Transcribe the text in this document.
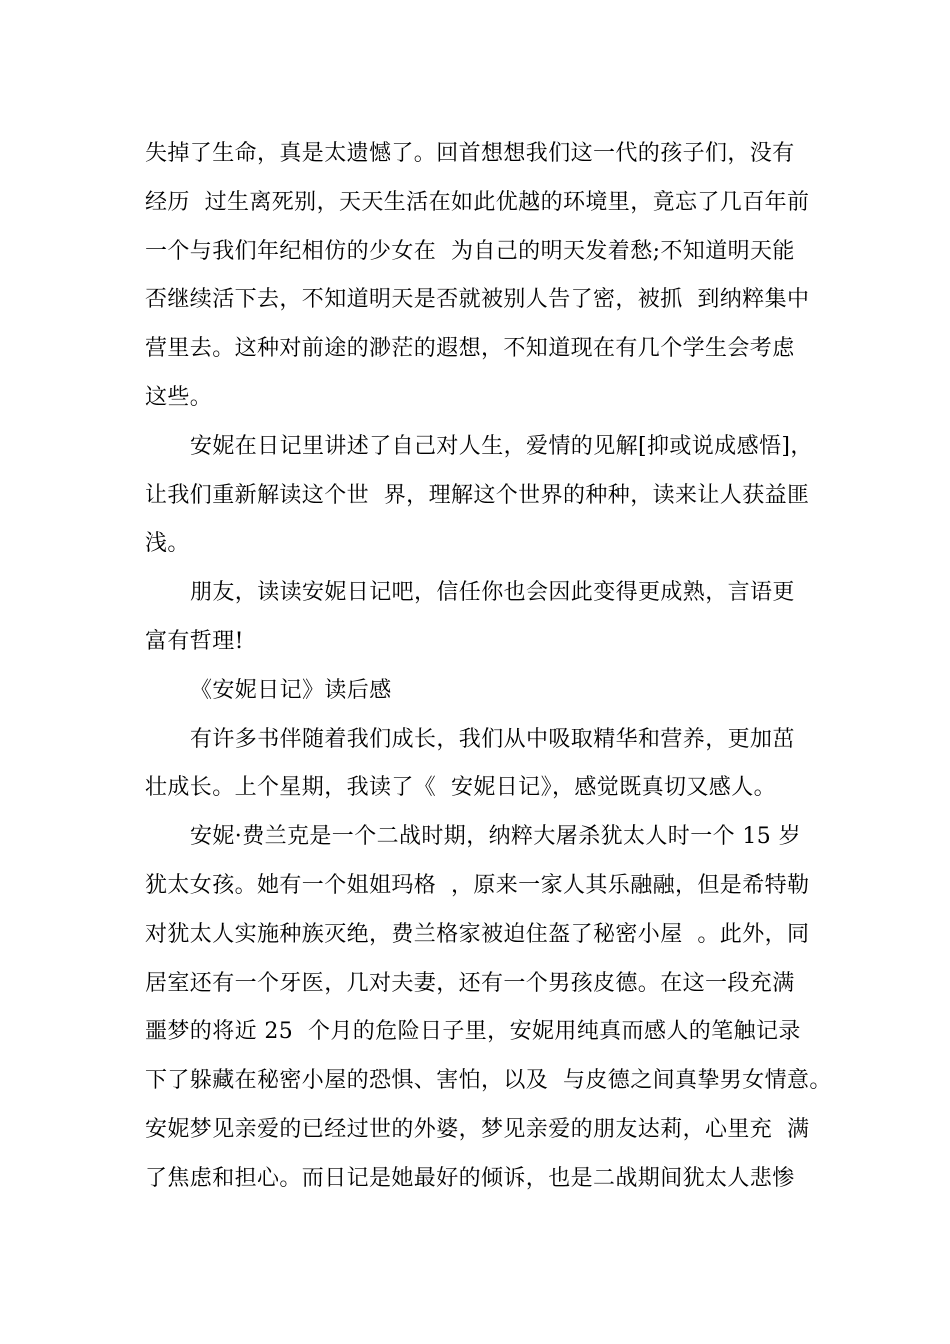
失掉了生命，真是太遗憾了。回首想想我们这一代的孩子们，没有
经历  过生离死别，天天生活在如此优越的环境里，竟忘了几百年前
一个与我们年纪相仿的少女在  为自己的明天发着愁;不知道明天能
否继续活下去，不知道明天是否就被别人告了密，被抓  到纳粹集中
营里去。这种对前途的渺茫的遐想，不知道现在有几个学生会考虑
这些。
安妮在日记里讲述了自己对人生，爱情的见解[抑或说成感悟]，
让我们重新解读这个世  界，理解这个世界的种种，读来让人获益匪
浅。
朋友，读读安妮日记吧，信任你也会因此变得更成熟，言语更
富有哲理!
《安妮日记》读后感
有许多书伴随着我们成长，我们从中吸取精华和营养，更加茁
壮成长。上个星期，我读了《  安妮日记》，感觉既真切又感人。
安妮·费兰克是一个二战时期，纳粹大屠杀犹太人时一个 15 岁
犹太女孩。她有一个姐姐玛格  ，原来一家人其乐融融，但是希特勒
对犹太人实施种族灭绝，费兰格家被迫住盔了秘密小屋  。此外，同
居室还有一个牙医，几对夫妻，还有一个男孩皮德。在这一段充满
噩梦的将近 25  个月的危险日子里，安妮用纯真而感人的笔触记录
下了躲藏在秘密小屋的恐惧、害怕，以及  与皮德之间真挚男女情意。
安妮梦见亲爱的已经过世的外婆，梦见亲爱的朋友达莉，心里充  满
了焦虑和担心。而日记是她最好的倾诉，也是二战期间犹太人悲惨
